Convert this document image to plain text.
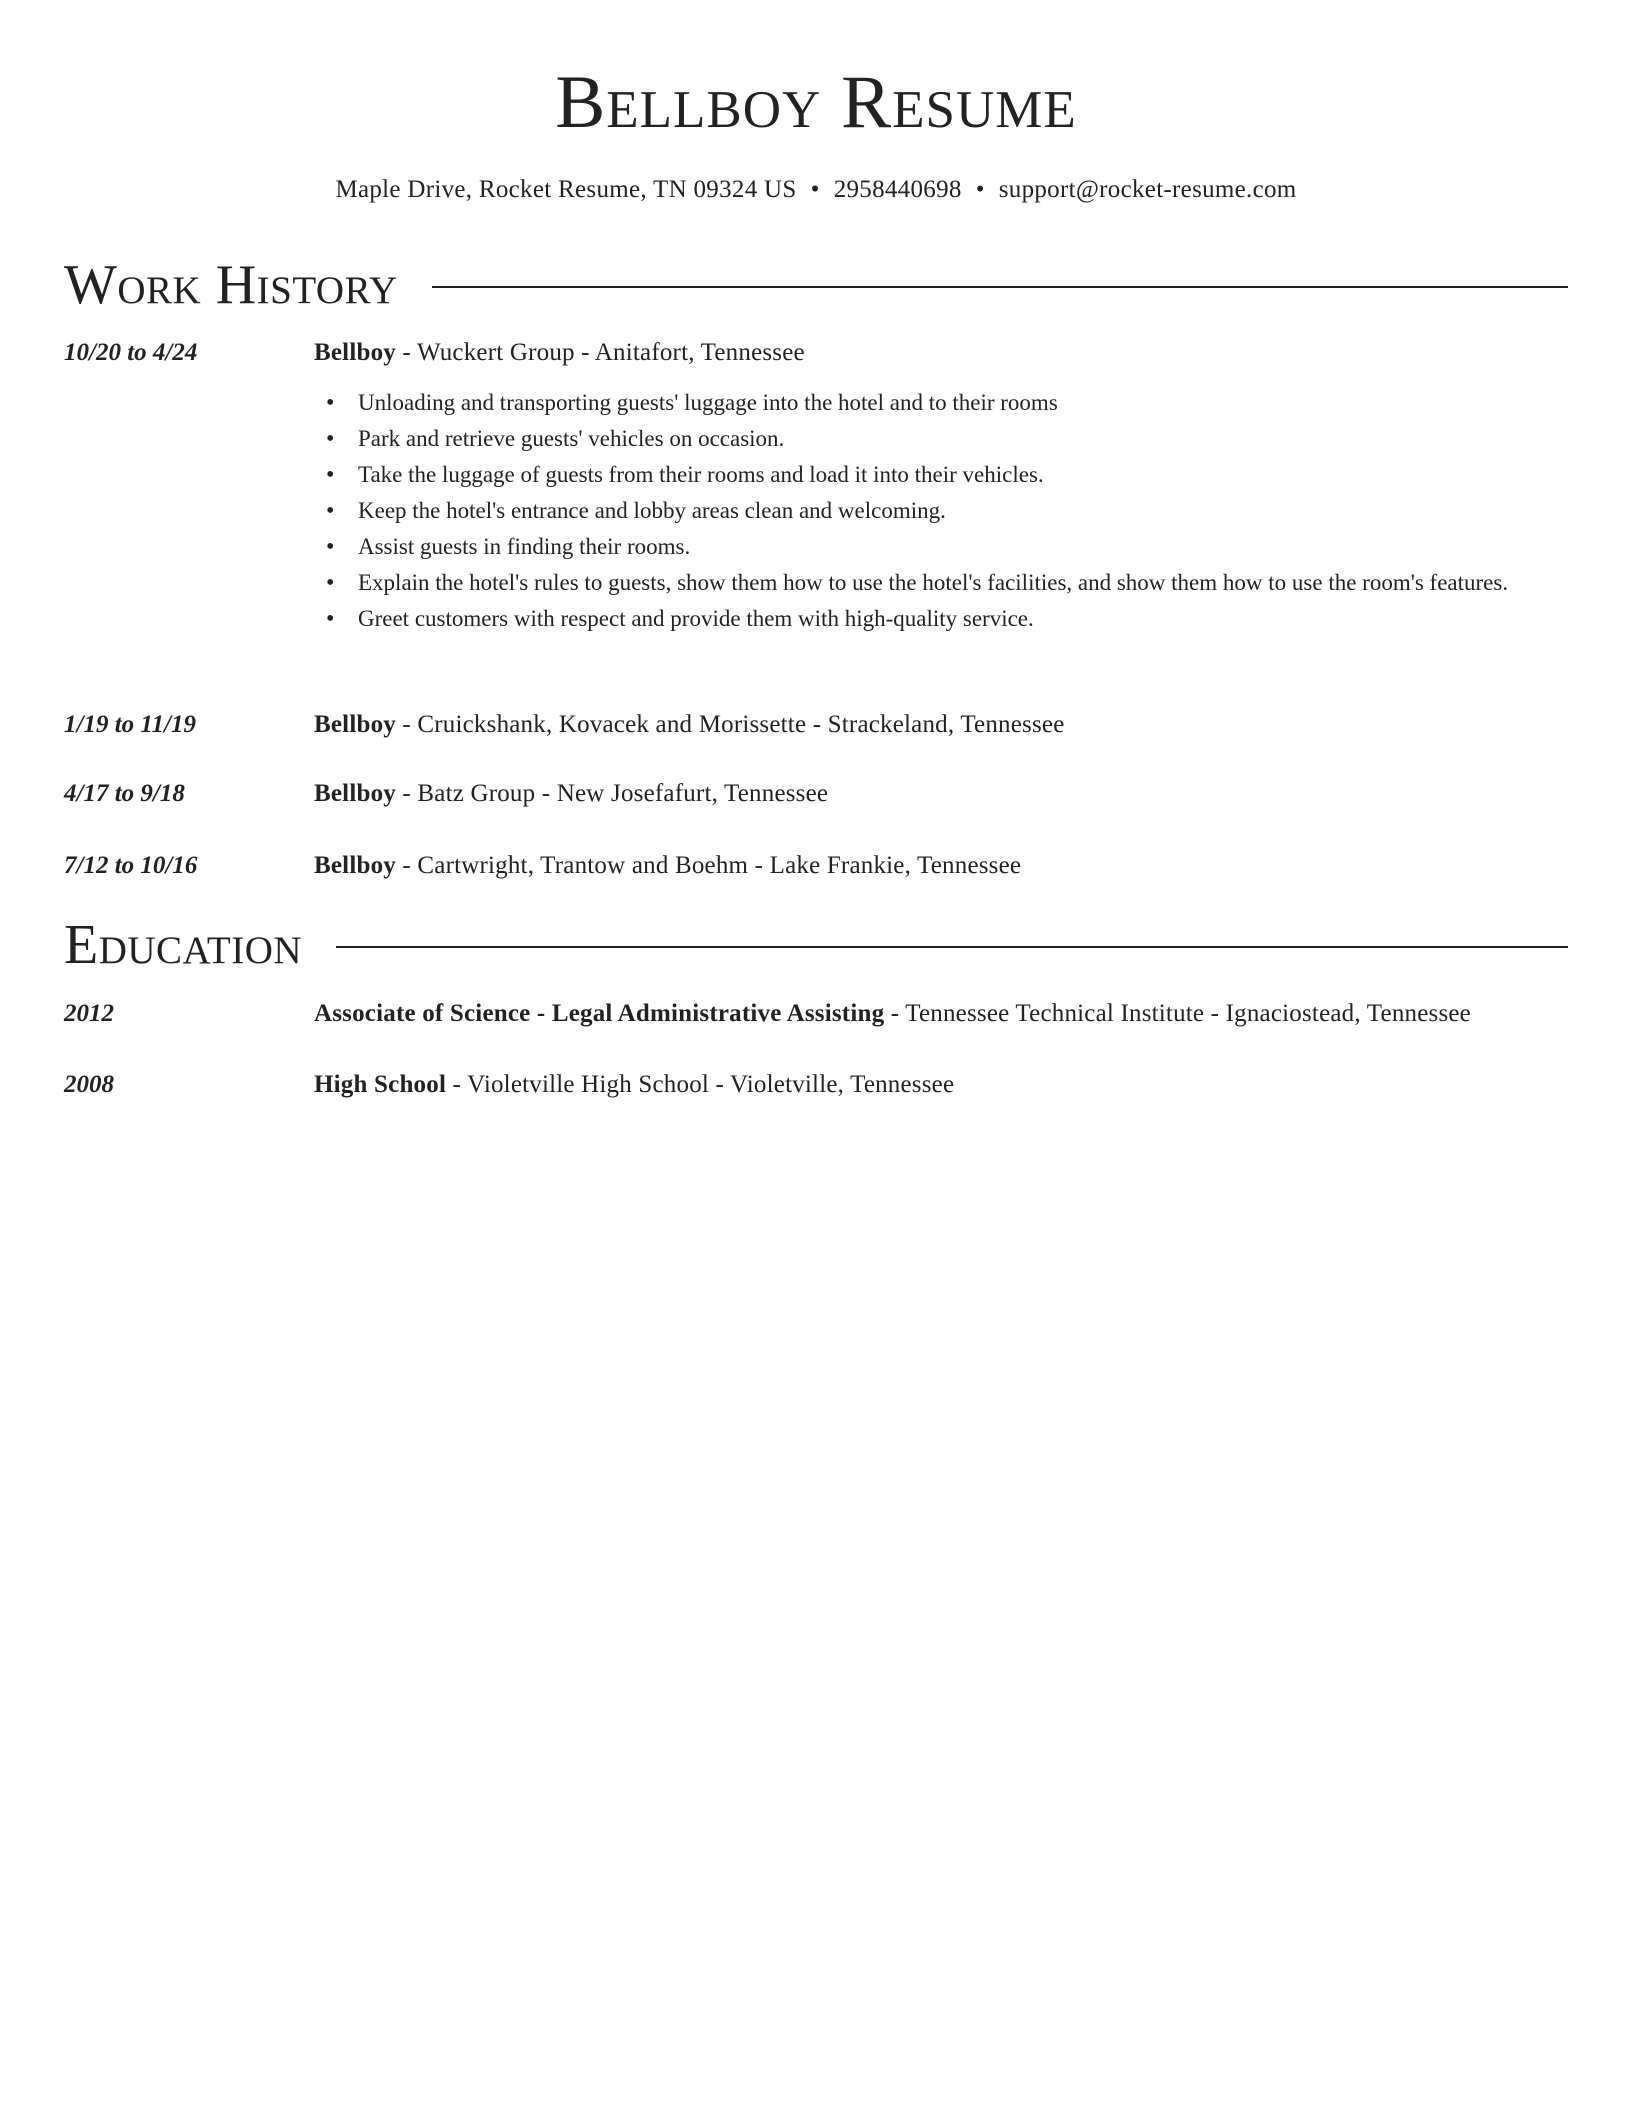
Bellboy Resume
Maple Drive, Rocket Resume, TN 09324 US • 2958440698 • support@rocket-resume.com
Work History
10/20 to 4/24	Bellboy - Wuckert Group - Anitafort, Tennessee
• Unloading and transporting guests' luggage into the hotel and to their rooms
• Park and retrieve guests' vehicles on occasion.
• Take the luggage of guests from their rooms and load it into their vehicles.
• Keep the hotel's entrance and lobby areas clean and welcoming.
• Assist guests in finding their rooms.
• Explain the hotel's rules to guests, show them how to use the hotel's facilities, and show them how to use the room's features.
• Greet customers with respect and provide them with high-quality service.
1/19 to 11/19	Bellboy - Cruickshank, Kovacek and Morissette - Strackeland, Tennessee
4/17 to 9/18	Bellboy - Batz Group - New Josefafurt, Tennessee
7/12 to 10/16	Bellboy - Cartwright, Trantow and Boehm - Lake Frankie, Tennessee
Education
2012	Associate of Science - Legal Administrative Assisting - Tennessee Technical Institute - Ignaciostead, Tennessee
2008	High School - Violetville High School - Violetville, Tennessee
